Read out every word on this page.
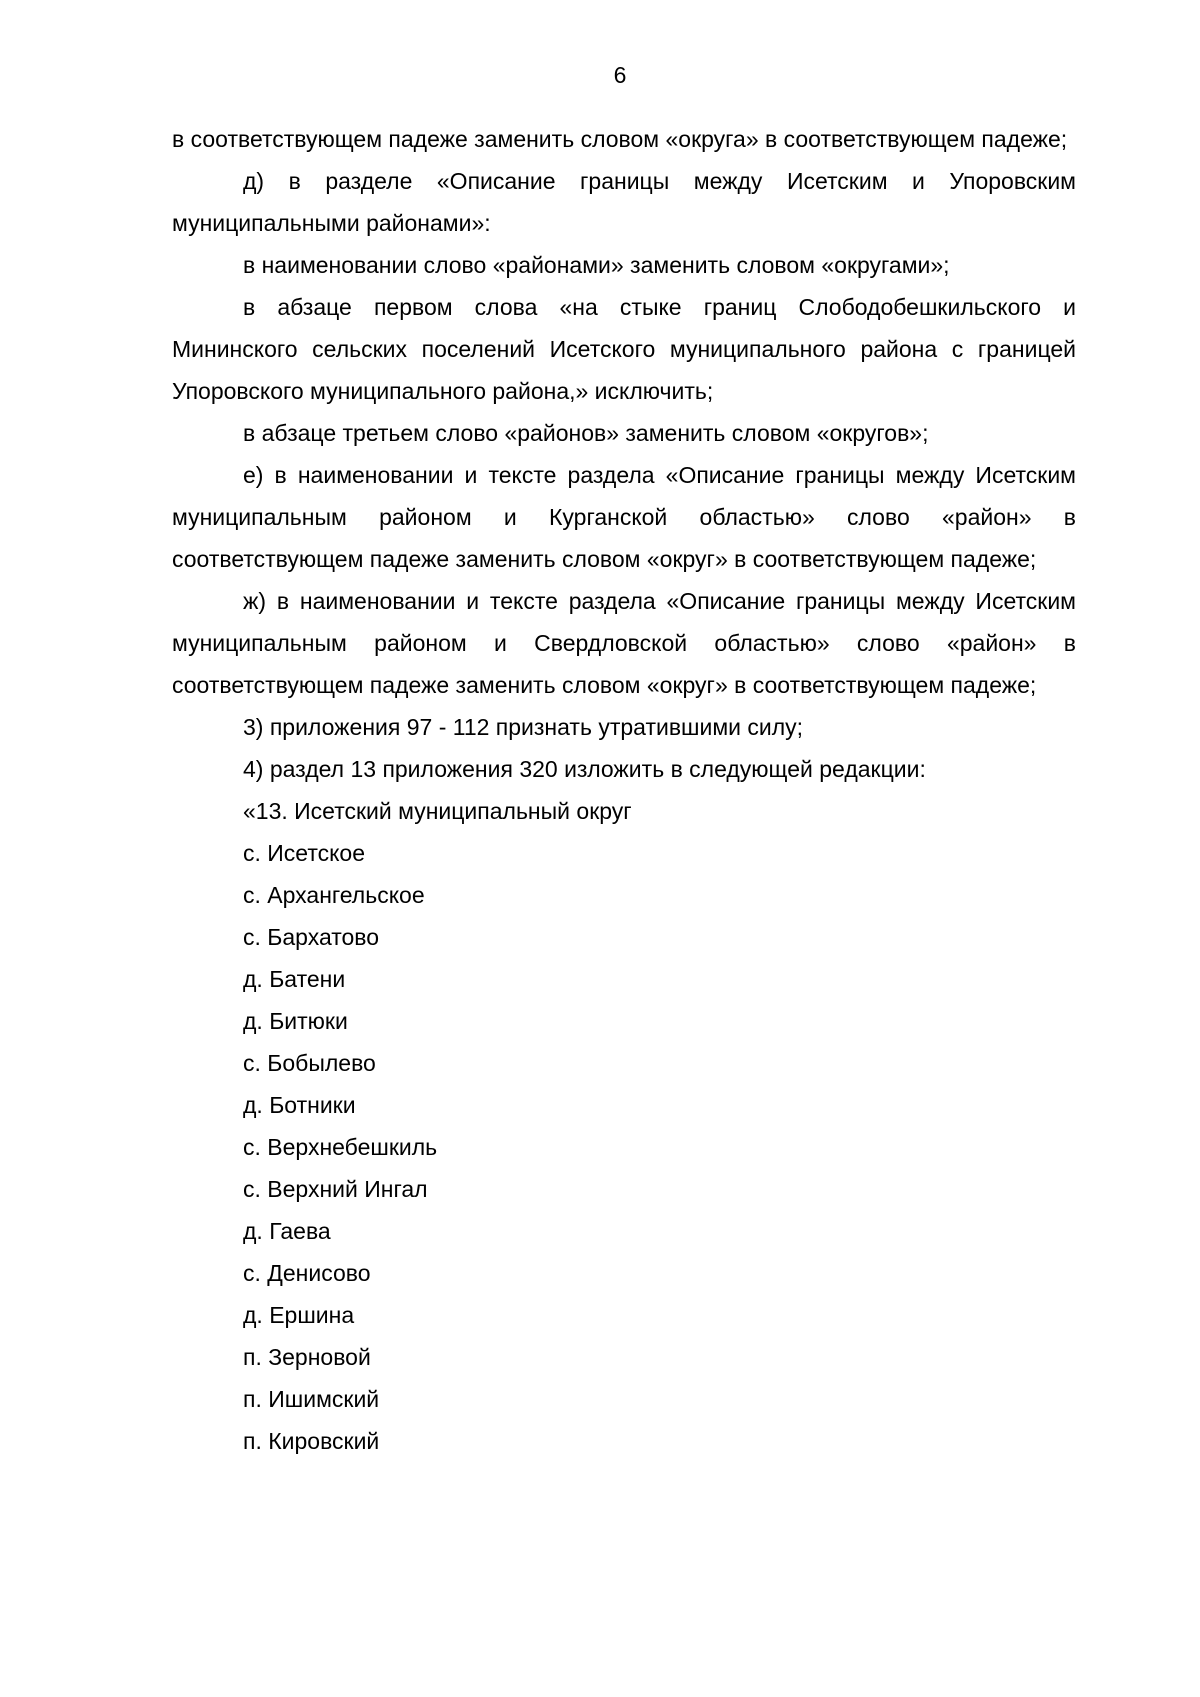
6

в соответствующем падеже заменить словом «округа» в соответствующем падеже;

д) в разделе «Описание границы между Исетским и Упоровским муниципальными районами»:

в наименовании слово «районами» заменить словом «округами»;

в абзаце первом слова «на стыке границ Слободобешкильского и Мининского сельских поселений Исетского муниципального района с границей Упоровского муниципального района,» исключить;

в абзаце третьем слово «районов» заменить словом «округов»;

е) в наименовании и тексте раздела «Описание границы между Исетским муниципальным районом и Курганской областью» слово «район» в соответствующем падеже заменить словом «округ» в соответствующем падеже;

ж) в наименовании и тексте раздела «Описание границы между Исетским муниципальным районом и Свердловской областью» слово «район» в соответствующем падеже заменить словом «округ» в соответствующем падеже;

3) приложения 97 - 112 признать утратившими силу;

4) раздел 13 приложения 320 изложить в следующей редакции:

«13. Исетский муниципальный округ

с. Исетское

с. Архангельское

с. Бархатово

д. Батени

д. Битюки

с. Бобылево

д. Ботники

с. Верхнебешкиль

с. Верхний Ингал

д. Гаева

с. Денисово

д. Ершина

п. Зерновой

п. Ишимский

п. Кировский
